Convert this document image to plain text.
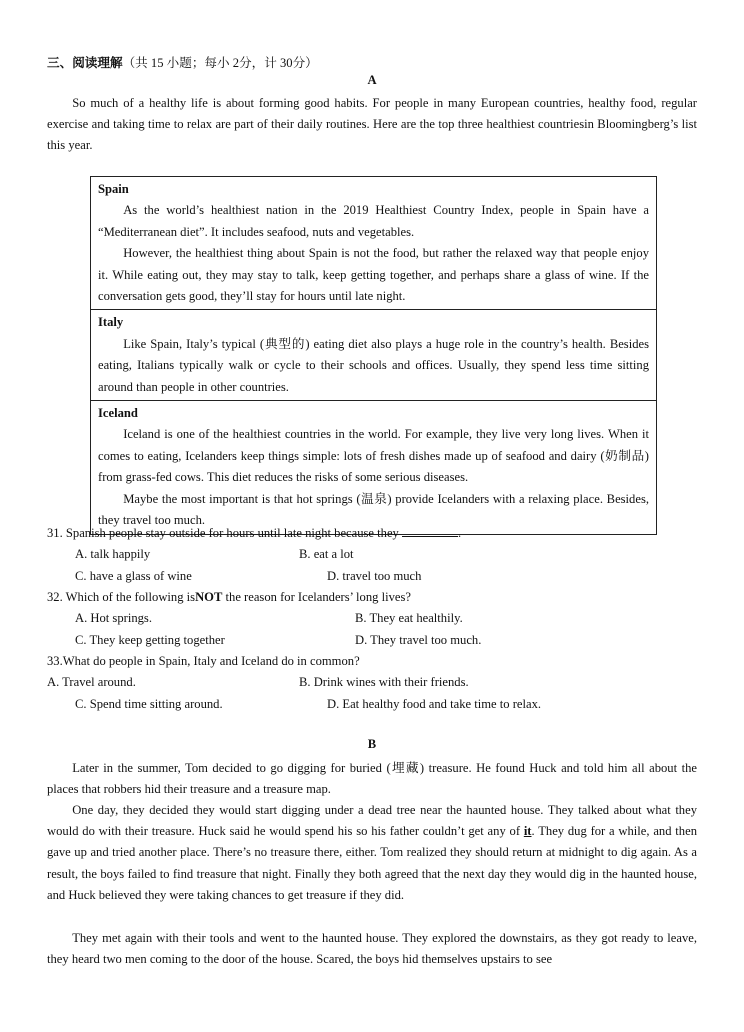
三、阅读理解（共 15 小题；每小 2分，计 30分）
A
So much of a healthy life is about forming good habits. For people in many European countries, healthy food, regular exercise and taking time to relax are part of their daily routines. Here are the top three healthiest countriesin Bloomingberg’s list this year.
Spain

As the world’s healthiest nation in the 2019 Healthiest Country Index, people in Spain have a “Mediterranean diet”. It includes seafood, nuts and vegetables.

However, the healthiest thing about Spain is not the food, but rather the relaxed way that people enjoy it. While eating out, they may stay to talk, keep getting together, and perhaps share a glass of wine. If the conversation gets good, they’ll stay for hours until late night.

Italy

Like Spain, Italy’s typical (典型的) eating diet also plays a huge role in the country’s health. Besides eating, Italians typically walk or cycle to their schools and offices. Usually, they spend less time sitting around than people in other countries.

Iceland

Iceland is one of the healthiest countries in the world. For example, they live very long lives. When it comes to eating, Icelanders keep things simple: lots of fresh dishes made up of seafood and dairy (奶制品) from grass-fed cows. This diet reduces the risks of some serious diseases.

Maybe the most important is that hot springs (温泉) provide Icelanders with a relaxing place. Besides, they travel too much.

31. Spanish people stay outside for hours until late night because they	.
A. talk happily	B. eat a lot
C. have a glass of wine	D. travel too much
32. Which of the following isNOT the reason for Icelanders’ long lives?
A. Hot springs.	B. They eat healthily.
C. They keep getting together	D. They travel too much.
33.What do people in Spain, Italy and Iceland do in common?
A. Travel around.	B. Drink wines with their friends.
C. Spend time sitting around.	D. Eat healthy food and take time to relax.
B
Later in the summer, Tom decided to go digging for buried (埋藏) treasure. He found Huck and told him all about the places that robbers hid their treasure and a treasure map.
One day, they decided they would start digging under a dead tree near the haunted house. They talked about what they would do with their treasure. Huck said he would spend his so his father couldn’t get any of it. They dug for a while, and then gave up and tried another place. There’s no treasure there, either. Tom realized they should return at midnight to dig again. As a result, the boys failed to find treasure that night. Finally they both agreed that the next day they would dig in the haunted house, and Huck believed they were taking chances to get treasure if they did.
They met again with their tools and went to the haunted house. They explored the downstairs, as they got ready to leave, they heard two men coming to the door of the house. Scared, the boys hid themselves upstairs to see
